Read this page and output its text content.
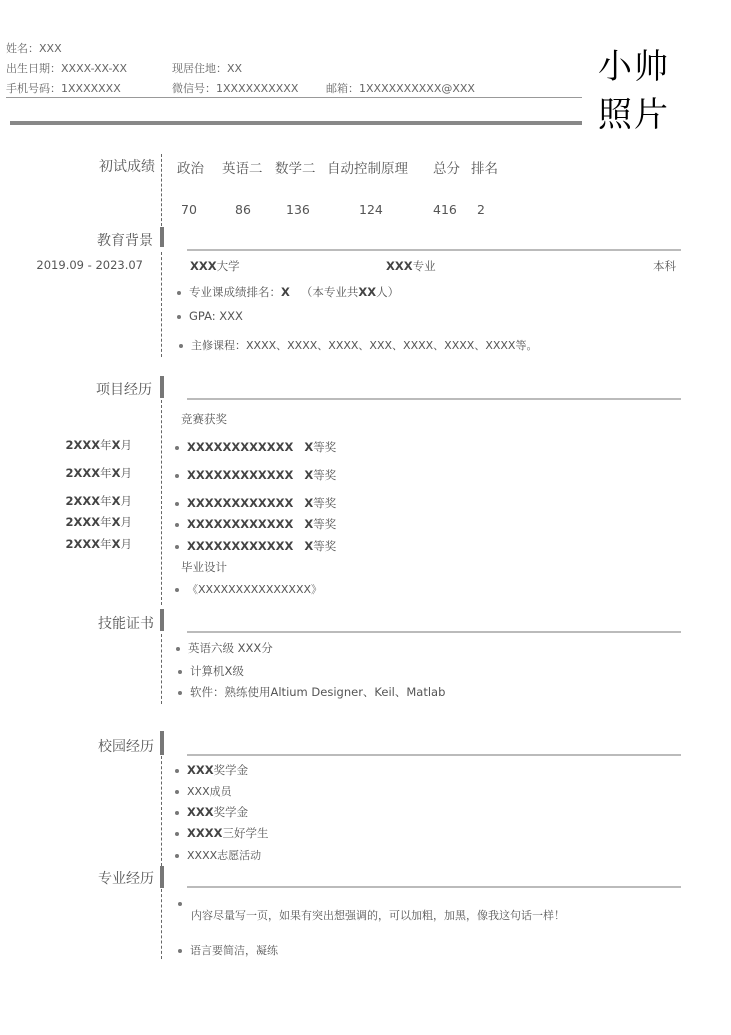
姓名：XXX
出生日期：XXXX-XX-XX	现居住地：XX
手机号码：1XXXXXXX	微信号：1XXXXXXXXXX	邮箱：1XXXXXXXXXX@XXX
小帅
照片
初试成绩 政治 英语二 数学二 自动控制原理 总分 排名
70	86	136	124	416 2
教育背景
2019.09 - 2023.07	XXX大学	XXX专业	本科
专业课成绩排名：X （本专业共XX人）
GPA: XXX
主修课程：XXXX、XXXX、XXXX、XXX、XXXX、XXXX、XXXX等。
项目经历
竞赛获奖
2XXX年X月	XXXXXXXXXXXX X等奖
2XXX年X月	XXXXXXXXXXXX X等奖
2XXX年X月	XXXXXXXXXXXX X等奖
2XXX年X月	XXXXXXXXXXXX X等奖
2XXX年X月	XXXXXXXXXXXX X等奖
毕业设计
《XXXXXXXXXXXXXXX》
技能证书
英语六级 XXX分
计算机X级
软件：熟练使用Altium Designer、Keil、Matlab
校园经历
XXX奖学金
XXX成员
XXX奖学金
XXXX三好学生
XXXX志愿活动
专业经历
内容尽量写一页，如果有突出想强调的，可以加粗，加黑，像我这句话一样！
语言要简洁，凝练
